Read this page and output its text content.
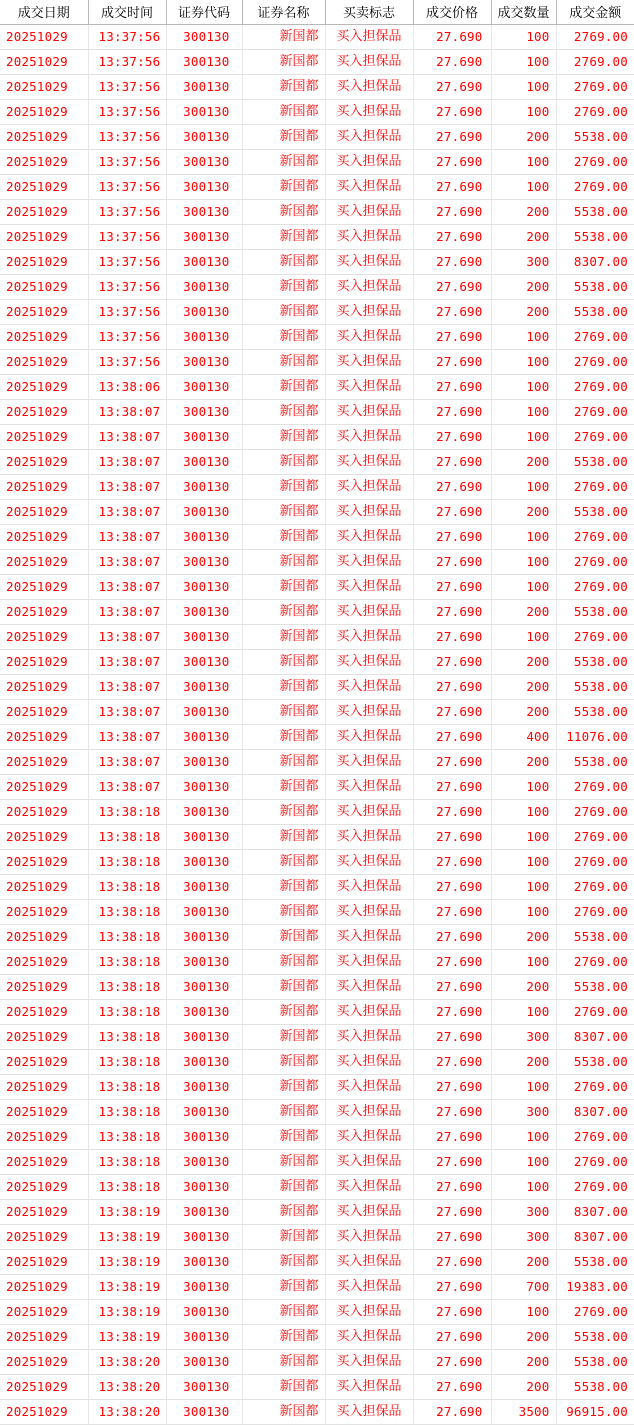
成交日期	成交时间	证券代码	证券名称	买卖标志	成交价格	成交数量	成交金额
20251029	13:37:56	300130	新国都	买入担保品	27.690	100	2769.00
20251029	13:37:56	300130	新国都	买入担保品	27.690	100	2769.00
20251029	13:37:56	300130	新国都	买入担保品	27.690	100	2769.00
20251029	13:37:56	300130	新国都	买入担保品	27.690	100	2769.00
20251029	13:37:56	300130	新国都	买入担保品	27.690	200	5538.00
20251029	13:37:56	300130	新国都	买入担保品	27.690	100	2769.00
20251029	13:37:56	300130	新国都	买入担保品	27.690	100	2769.00
20251029	13:37:56	300130	新国都	买入担保品	27.690	200	5538.00
20251029	13:37:56	300130	新国都	买入担保品	27.690	200	5538.00
20251029	13:37:56	300130	新国都	买入担保品	27.690	300	8307.00
20251029	13:37:56	300130	新国都	买入担保品	27.690	200	5538.00
20251029	13:37:56	300130	新国都	买入担保品	27.690	200	5538.00
20251029	13:37:56	300130	新国都	买入担保品	27.690	100	2769.00
20251029	13:37:56	300130	新国都	买入担保品	27.690	100	2769.00
20251029	13:38:06	300130	新国都	买入担保品	27.690	100	2769.00
20251029	13:38:07	300130	新国都	买入担保品	27.690	100	2769.00
20251029	13:38:07	300130	新国都	买入担保品	27.690	100	2769.00
20251029	13:38:07	300130	新国都	买入担保品	27.690	200	5538.00
20251029	13:38:07	300130	新国都	买入担保品	27.690	100	2769.00
20251029	13:38:07	300130	新国都	买入担保品	27.690	200	5538.00
20251029	13:38:07	300130	新国都	买入担保品	27.690	100	2769.00
20251029	13:38:07	300130	新国都	买入担保品	27.690	100	2769.00
20251029	13:38:07	300130	新国都	买入担保品	27.690	100	2769.00
20251029	13:38:07	300130	新国都	买入担保品	27.690	200	5538.00
20251029	13:38:07	300130	新国都	买入担保品	27.690	100	2769.00
20251029	13:38:07	300130	新国都	买入担保品	27.690	200	5538.00
20251029	13:38:07	300130	新国都	买入担保品	27.690	200	5538.00
20251029	13:38:07	300130	新国都	买入担保品	27.690	200	5538.00
20251029	13:38:07	300130	新国都	买入担保品	27.690	400	11076.00
20251029	13:38:07	300130	新国都	买入担保品	27.690	200	5538.00
20251029	13:38:07	300130	新国都	买入担保品	27.690	100	2769.00
20251029	13:38:18	300130	新国都	买入担保品	27.690	100	2769.00
20251029	13:38:18	300130	新国都	买入担保品	27.690	100	2769.00
20251029	13:38:18	300130	新国都	买入担保品	27.690	100	2769.00
20251029	13:38:18	300130	新国都	买入担保品	27.690	100	2769.00
20251029	13:38:18	300130	新国都	买入担保品	27.690	100	2769.00
20251029	13:38:18	300130	新国都	买入担保品	27.690	200	5538.00
20251029	13:38:18	300130	新国都	买入担保品	27.690	100	2769.00
20251029	13:38:18	300130	新国都	买入担保品	27.690	200	5538.00
20251029	13:38:18	300130	新国都	买入担保品	27.690	100	2769.00
20251029	13:38:18	300130	新国都	买入担保品	27.690	300	8307.00
20251029	13:38:18	300130	新国都	买入担保品	27.690	200	5538.00
20251029	13:38:18	300130	新国都	买入担保品	27.690	100	2769.00
20251029	13:38:18	300130	新国都	买入担保品	27.690	300	8307.00
20251029	13:38:18	300130	新国都	买入担保品	27.690	100	2769.00
20251029	13:38:18	300130	新国都	买入担保品	27.690	100	2769.00
20251029	13:38:18	300130	新国都	买入担保品	27.690	100	2769.00
20251029	13:38:19	300130	新国都	买入担保品	27.690	300	8307.00
20251029	13:38:19	300130	新国都	买入担保品	27.690	300	8307.00
20251029	13:38:19	300130	新国都	买入担保品	27.690	200	5538.00
20251029	13:38:19	300130	新国都	买入担保品	27.690	700	19383.00
20251029	13:38:19	300130	新国都	买入担保品	27.690	100	2769.00
20251029	13:38:19	300130	新国都	买入担保品	27.690	200	5538.00
20251029	13:38:20	300130	新国都	买入担保品	27.690	200	5538.00
20251029	13:38:20	300130	新国都	买入担保品	27.690	200	5538.00
20251029	13:38:20	300130	新国都	买入担保品	27.690	3500	96915.00
